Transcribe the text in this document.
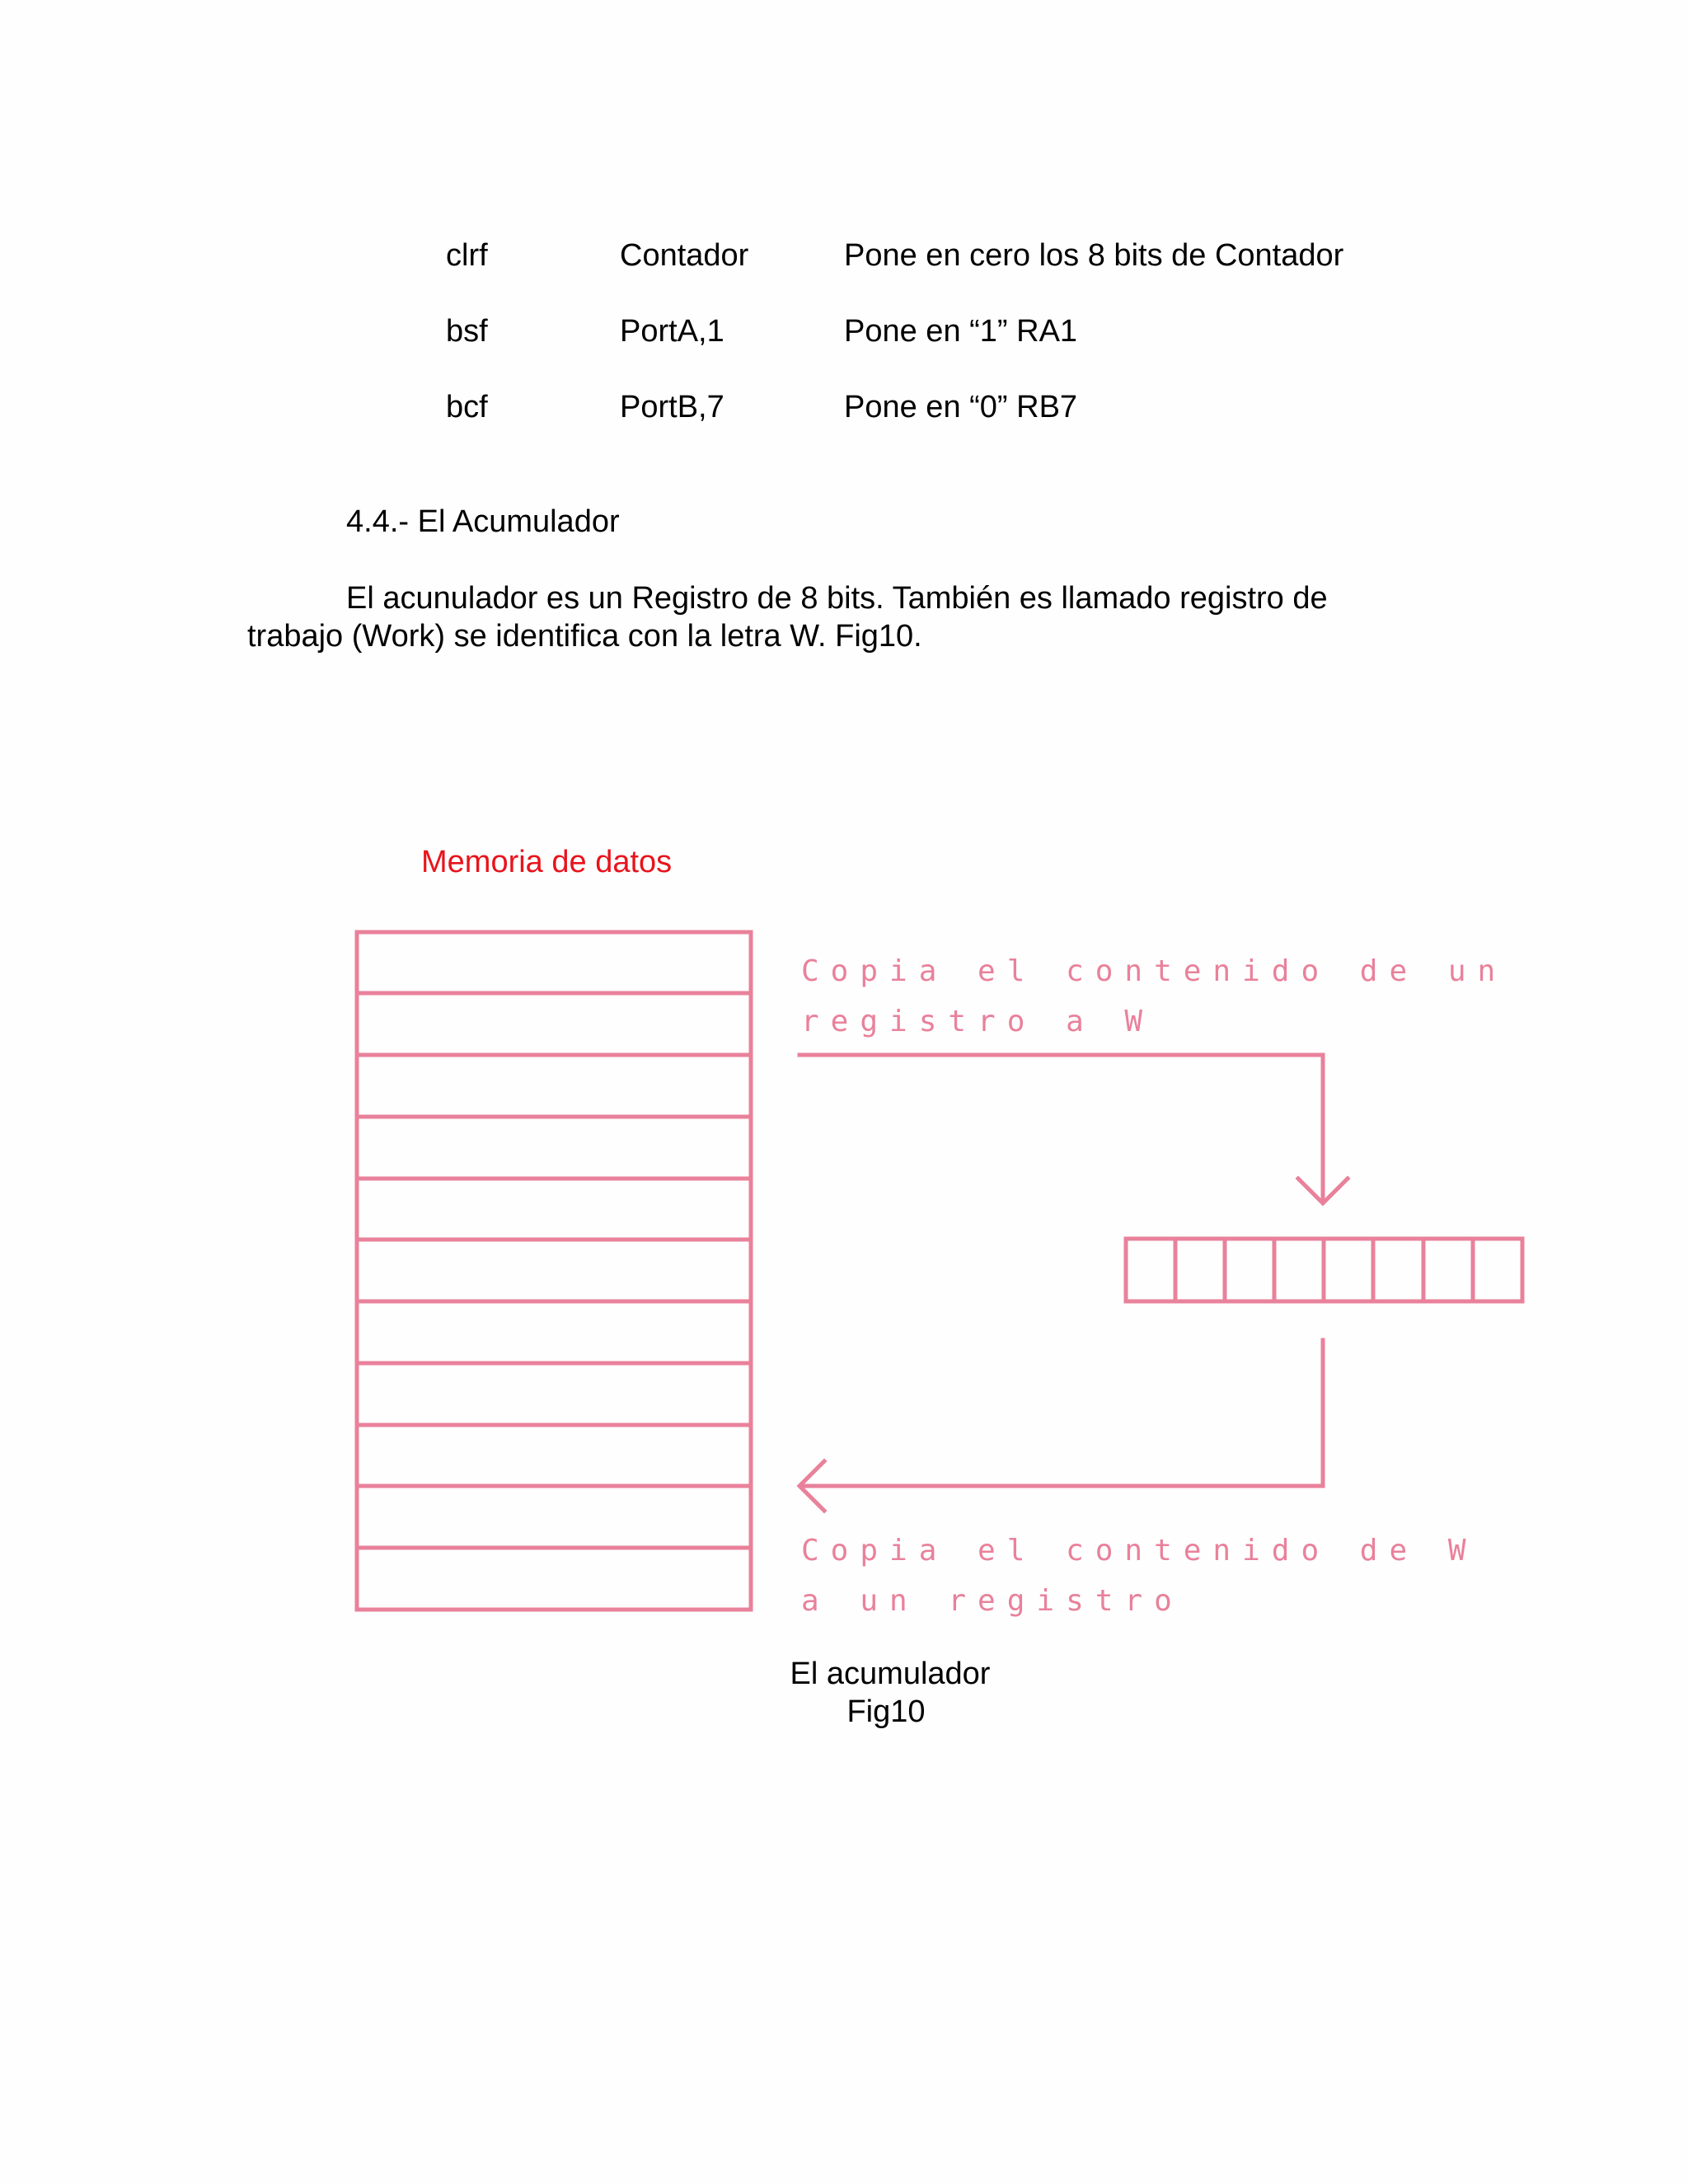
clrf	Contador	Pone en cero los 8 bits de Contador
bsf	PortA,1	Pone en “1” RA1
bcf	PortB,7	Pone en “0” RB7
4.4.- El Acumulador
El acunulador es un Registro de 8 bits. También es llamado registro de
trabajo (Work) se identifica con la letra W. Fig10.
Memoria de datos
Copia el contenido de un
registro a W
Copia el contenido de W
a un registro
El acumulador
Fig10
